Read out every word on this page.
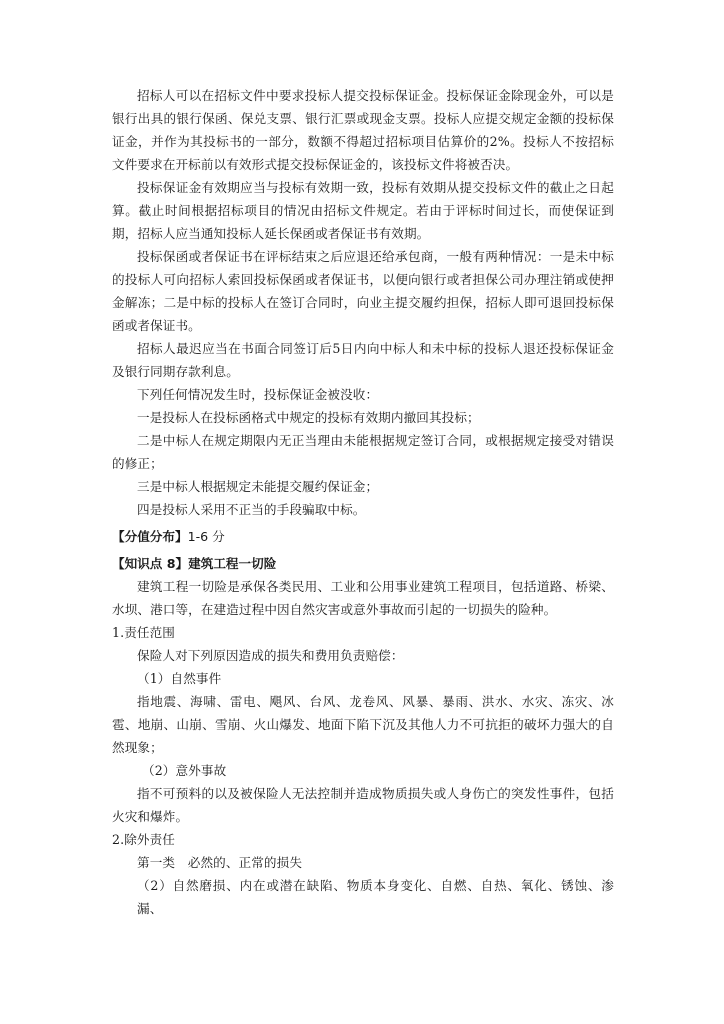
招标人可以在招标文件中要求投标人提交投标保证金。投标保证金除现金外，可以是银行出具的银行保函、保兑支票、银行汇票或现金支票。投标人应提交规定金额的投标保证金，并作为其投标书的一部分，数额不得超过招标项目估算价的2%。投标人不按招标文件要求在开标前以有效形式提交投标保证金的，该投标文件将被否决。

投标保证金有效期应当与投标有效期一致，投标有效期从提交投标文件的截止之日起算。截止时间根据招标项目的情况由招标文件规定。若由于评标时间过长，而使保证到期，招标人应当通知投标人延长保函或者保证书有效期。

投标保函或者保证书在评标结束之后应退还给承包商，一般有两种情况：一是未中标的投标人可向招标人索回投标保函或者保证书，以便向银行或者担保公司办理注销或使押金解冻；二是中标的投标人在签订合同时，向业主提交履约担保，招标人即可退回投标保函或者保证书。

招标人最迟应当在书面合同签订后5日内向中标人和未中标的投标人退还投标保证金及银行同期存款利息。

下列任何情况发生时，投标保证金被没收：

一是投标人在投标函格式中规定的投标有效期内撤回其投标；

二是中标人在规定期限内无正当理由未能根据规定签订合同，或根据规定接受对错误的修正；

三是中标人根据规定未能提交履约保证金；

四是投标人采用不正当的手段骗取中标。

【分值分布】1-6 分
【知识点 8】建筑工程一切险

建筑工程一切险是承保各类民用、工业和公用事业建筑工程项目，包括道路、桥梁、水坝、港口等，在建造过程中因自然灾害或意外事故而引起的一切损失的险种。

1.责任范围

保险人对下列原因造成的损失和费用负责赔偿：

（1）自然事件

指地震、海啸、雷电、飓风、台风、龙卷风、风暴、暴雨、洪水、水灾、冻灾、冰雹、地崩、山崩、雪崩、火山爆发、地面下陷下沉及其他人力不可抗拒的破坏力强大的自然现象；

（2）意外事故

指不可预料的以及被保险人无法控制并造成物质损失或人身伤亡的突发性事件，包括火灾和爆炸。

2.除外责任

第一类　必然的、正常的损失

（2）自然磨损、内在或潜在缺陷、物质本身变化、自燃、自热、氧化、锈蚀、渗漏、
